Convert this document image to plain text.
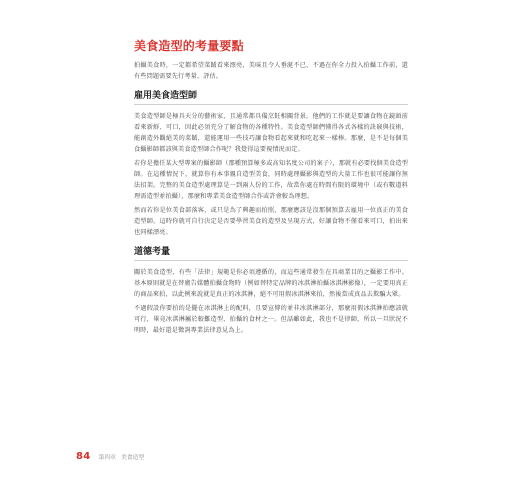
美食造型的考量要點

拍攝美食時，一定都希望菜餚看來漂亮、美味且令人垂涎不已，不過在你全力投入拍攝工作前，還有些問題需要先行考量、評估。

雇用美食造型師

美食造型師是極具天分的藝術家，且通常都具備烹飪相關背景。他們的工作就是要讓食物在鏡頭前看來新鮮、可口，因此必須充分了解食物的各種特性。美食造型師們懂得各式各樣的訣竅與技術，能創造外觀絕美的菜餚，還能運用一些技巧讓食物看起來就和吃起來一樣棒。那麼，是不是每個美食攝影師都該與美食造型師合作呢？我覺得這要視情況而定。

若你是擔任某大型專案的攝影師（那種預算極多或高知名度公司的案子），那就有必要找個美食造型師。在這種情況下，就算你有本事親自造型美食，同時處理攝影與造型的大量工作也很可能讓你無法招架。完整的美食造型處理算是一到兩人份的工作，故當你處在時間有限的環境中（或有數道料理需造型並拍攝），那麼和專業美食造型師合作或許會較為理想。

然而若你是位美食部落客，或只是為了興趣而拍照，那麼應該是沒那個預算去雇用一位真正的美食造型師。這時你就可自行決定是否要學習美食的造型及呈現方式，好讓食物不僅看來可口，拍出來也同樣漂亮。

道德考量

關於美食造型，有些「法律」規範是你必須遵循的，而這些通常發生在具商業目的之攝影工作中。基本原則就是在替廣告媒體拍攝食物時（例如替特定品牌的冰淇淋拍攝冰淇淋影像），一定要用真正的商品來拍，以此例來說就是真正的冰淇淋，絕不可用假冰淇淋來拍，然後當成真品去欺騙大眾。

不過假設你要拍的是擺在冰淇淋上的配料，且要宣傳的並非冰淇淋部分，那麼用假冰淇淋拍應該就可行，畢竟冰淇淋屬於較難造型、拍攝的食材之一。但話雖如此，我也不是律師，所以一旦狀況不明時，最好還是徵詢專業法律意見為上。

84 第四章 美食造型
